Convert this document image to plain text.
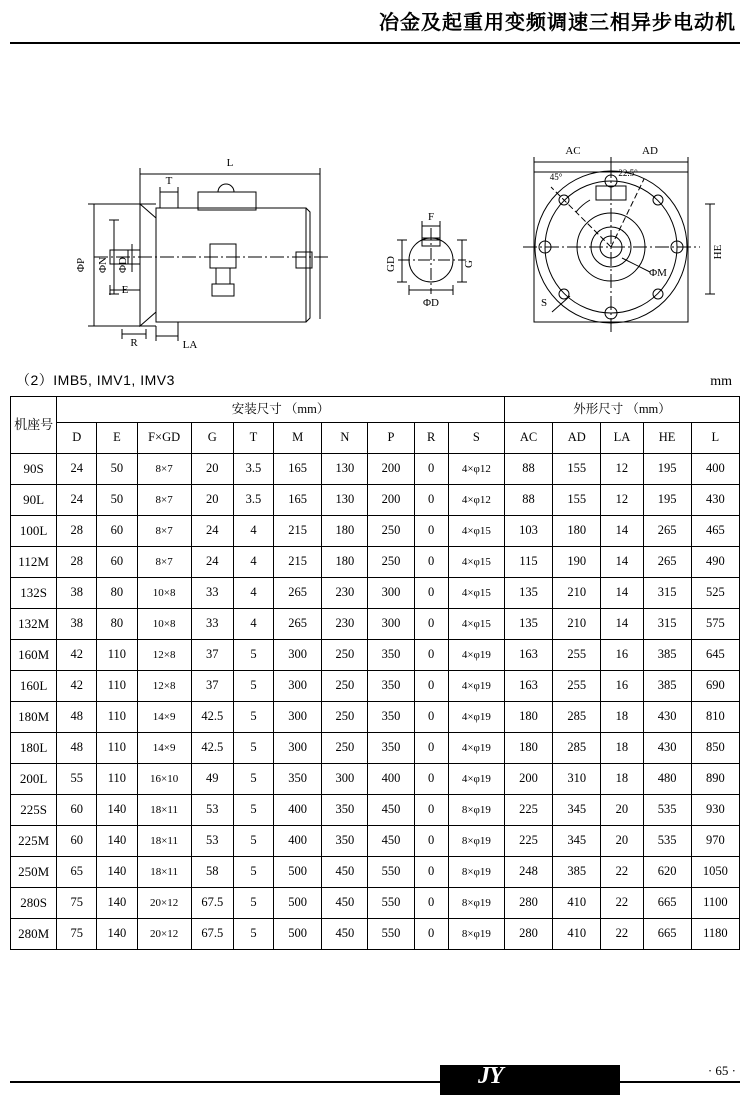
冶金及起重用变频调速三相异步电动机
L
T
E
R	LA
F
ΦD
AC	AD
ΦM
S
45°	22.5°
ΦP ΦN ΦD	GD	G
HE
（2）IMB5, IMV1, IMV3	mm
机座号	安装尺寸 （mm）										外形尺寸 （mm）				
	D	E	F×GD	G	T	M	N	P	R	S	AC	AD	LA	HE	L
90S	24	50	8×7	20	3.5	165	130	200	0	4×φ12	88	155	12	195	400
90L	24	50	8×7	20	3.5	165	130	200	0	4×φ12	88	155	12	195	430
100L	28	60	8×7	24	4	215	180	250	0	4×φ15	103	180	14	265	465
112M	28	60	8×7	24	4	215	180	250	0	4×φ15	115	190	14	265	490
132S	38	80	10×8	33	4	265	230	300	0	4×φ15	135	210	14	315	525
132M	38	80	10×8	33	4	265	230	300	0	4×φ15	135	210	14	315	575
160M	42	110	12×8	37	5	300	250	350	0	4×φ19	163	255	16	385	645
160L	42	110	12×8	37	5	300	250	350	0	4×φ19	163	255	16	385	690
180M	48	110	14×9	42.5	5	300	250	350	0	4×φ19	180	285	18	430	810
180L	48	110	14×9	42.5	5	300	250	350	0	4×φ19	180	285	18	430	850
200L	55	110	16×10	49	5	350	300	400	0	4×φ19	200	310	18	480	890
225S	60	140	18×11	53	5	400	350	450	0	8×φ19	225	345	20	535	930
225M	60	140	18×11	53	5	400	350	450	0	8×φ19	225	345	20	535	970
250M	65	140	18×11	58	5	500	450	550	0	8×φ19	248	385	22	620	1050
280S	75	140	20×12	67.5	5	500	450	550	0	8×φ19	280	410	22	665	1100
280M	75	140	20×12	67.5	5	500	450	550	0	8×φ19	280	410	22	665	1180
JY	· 65 ·
